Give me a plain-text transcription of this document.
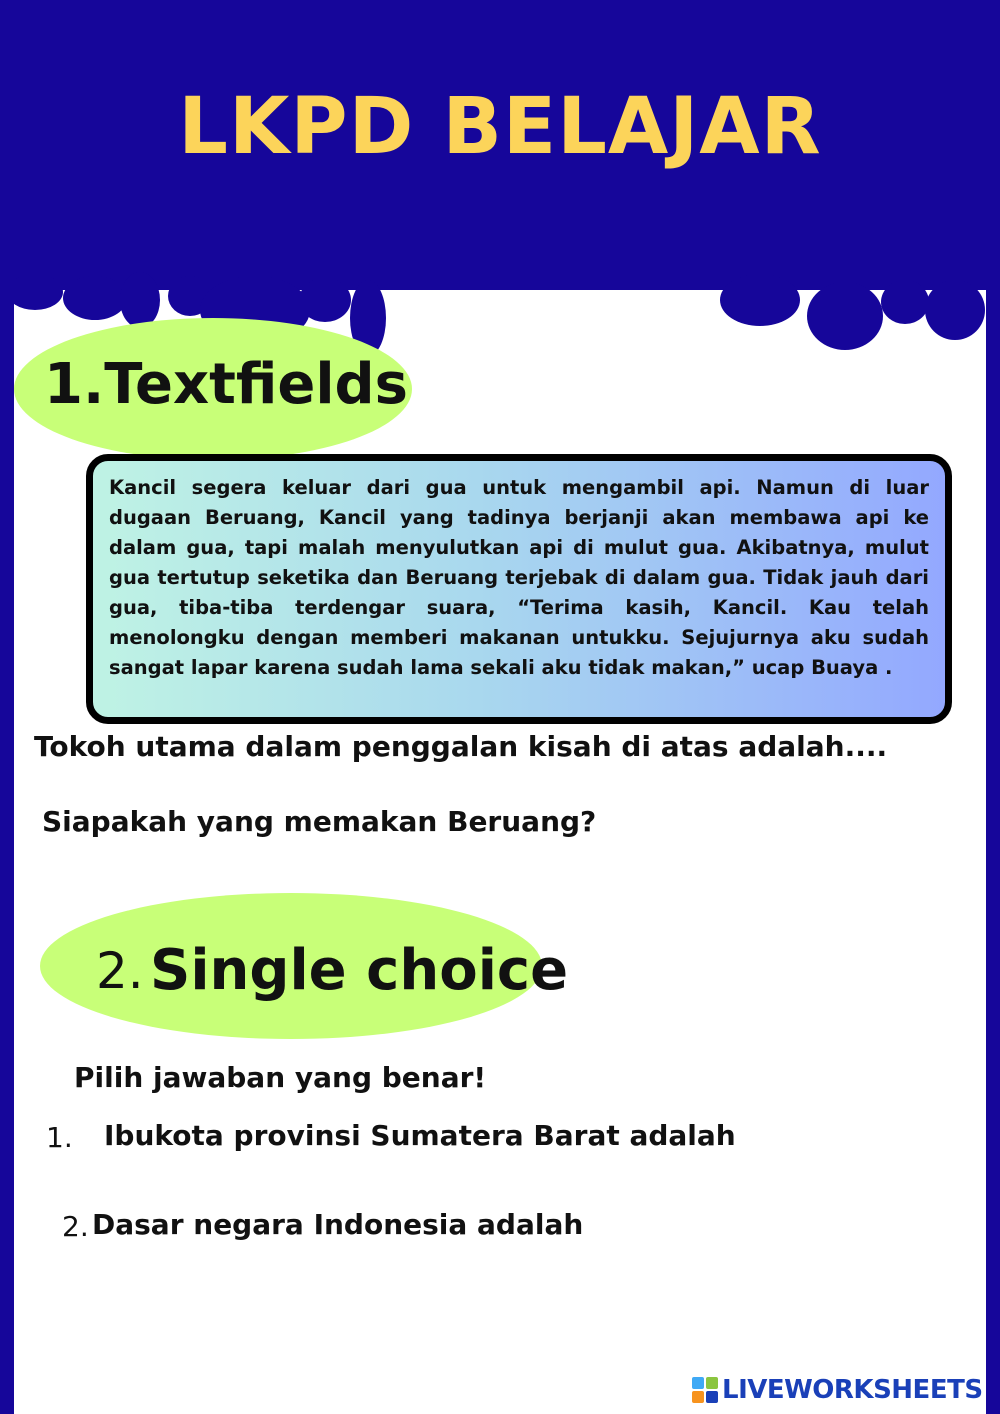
LKPD BELAJAR
1.Textfields

Kancil segera keluar dari gua untuk mengambil api. Namun di luar dugaan Beruang, Kancil yang tadinya berjanji akan membawa api ke dalam gua, tapi malah menyulutkan api di mulut gua. Akibatnya, mulut gua tertutup seketika dan Beruang terjebak di dalam gua. Tidak jauh dari gua, tiba-tiba terdengar suara, “Terima kasih, Kancil. Kau telah menolongku dengan memberi makanan untukku. Sejujurnya aku sudah sangat lapar karena sudah lama sekali aku tidak makan,” ucap Buaya .

Tokoh utama dalam penggalan kisah di atas adalah....
Siapakah yang memakan Beruang?
2. Single choice
Pilih jawaban yang benar!
1. Ibukota provinsi Sumatera Barat adalah
2. Dasar negara Indonesia adalah
LIVEWORKSHEETS
